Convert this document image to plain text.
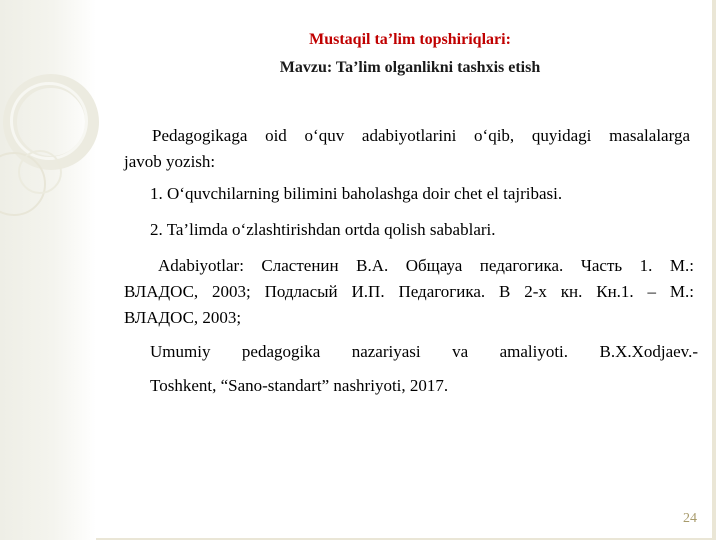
Mustaqil ta’lim topshiriqlari:
Mavzu: Ta’lim olganlikni tashxis etish
Pedagogikaga oid o‘quv adabiyotlarini o‘qib, quyidagi masalalarga
javob yozish:
1. O‘quvchilarning bilimini baholashga doir chet el tajribasi.
2. Ta’limda o‘zlashtirishdan ortda qolish sabablari.
Adabiyotlar: Сластенин В.А. Общауа педагогика. Часть 1. М.:
ВЛАДОС, 2003; Подласый И.П. Педагогика. В 2-х кн. Кн.1. – М.:
ВЛАДОС, 2003;
Umumiy pedagogika nazariyasi va amaliyoti. B.X.Xodjaev.-
Toshkent, “Sano-standart” nashriyoti, 2017.
24
